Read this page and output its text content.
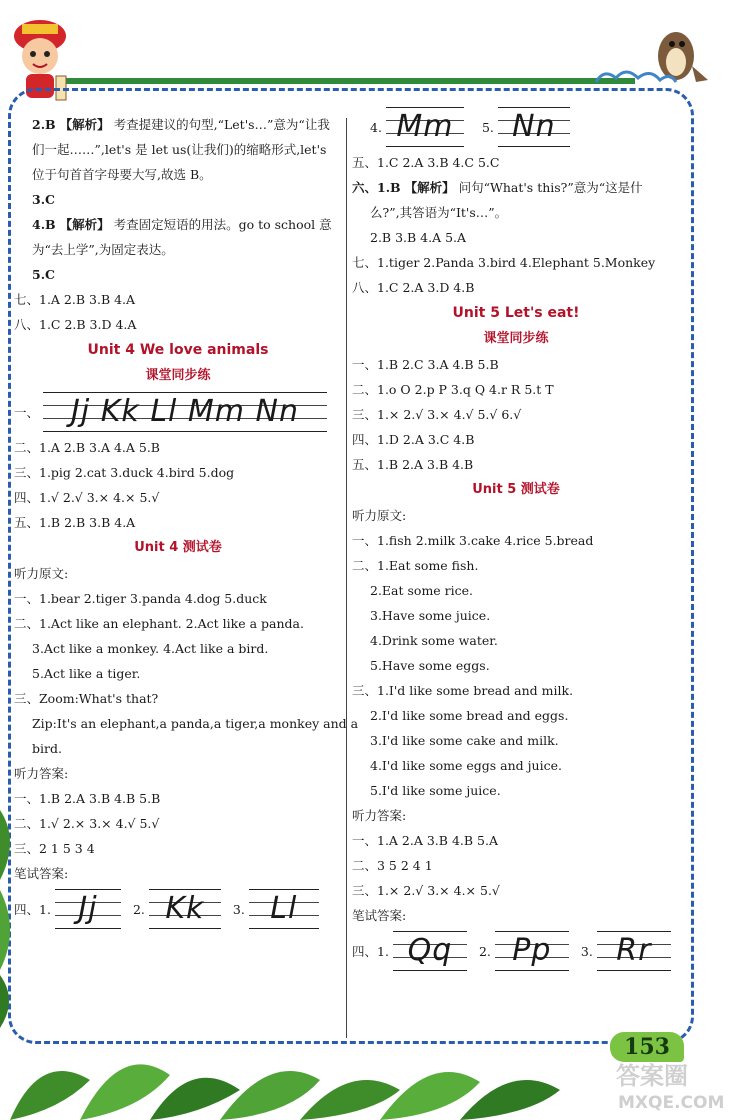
153
答案圈
MXQE.COM
2.B 【解析】 考查提建议的句型,“Let's…”意为“让我
们一起……”,let's 是 let us(让我们)的缩略形式,let's
位于句首首字母要大写,故选 B。
3.C
4.B 【解析】 考查固定短语的用法。go to school 意
为“去上学”,为固定表达。
5.C
七、1.A 2.B 3.B 4.A
八、1.C 2.B 3.D 4.A
Unit 4 We love animals
课堂同步练
一、	Jj Kk Ll Mm Nn
二、1.A 2.B 3.A 4.A 5.B
三、1.pig 2.cat 3.duck 4.bird 5.dog
四、1.√ 2.√ 3.× 4.× 5.√
五、1.B 2.B 3.B 4.A
Unit 4 测试卷
听力原文:
一、1.bear 2.tiger 3.panda 4.dog 5.duck
二、1.Act like an elephant. 2.Act like a panda.
3.Act like a monkey. 4.Act like a bird.
5.Act like a tiger.
三、Zoom:What's that?
Zip:It's an elephant,a panda,a tiger,a monkey and a
bird.
听力答案:
一、1.B 2.A 3.B 4.B 5.B
二、1.√ 2.× 3.× 4.√ 5.√
三、2 1 5 3 4
笔试答案:
四、1. Jj	2. Kk	3. Ll
4. Mm	5. Nn
五、1.C 2.A 3.B 4.C 5.C
六、1.B 【解析】 问句“What's this?”意为“这是什
么?”,其答语为“It's…”。
2.B 3.B 4.A 5.A
七、1.tiger 2.Panda 3.bird 4.Elephant 5.Monkey
八、1.C 2.A 3.D 4.B
Unit 5 Let's eat!
课堂同步练
一、1.B 2.C 3.A 4.B 5.B
二、1.o O 2.p P 3.q Q 4.r R 5.t T
三、1.× 2.√ 3.× 4.√ 5.√ 6.√
四、1.D 2.A 3.C 4.B
五、1.B 2.A 3.B 4.B
Unit 5 测试卷
听力原文:
一、1.fish 2.milk 3.cake 4.rice 5.bread
二、1.Eat some fish.
2.Eat some rice.
3.Have some juice.
4.Drink some water.
5.Have some eggs.
三、1.I'd like some bread and milk.
2.I'd like some bread and eggs.
3.I'd like some cake and milk.
4.I'd like some eggs and juice.
5.I'd like some juice.
听力答案:
一、1.A 2.A 3.B 4.B 5.A
二、3 5 2 4 1
三、1.× 2.√ 3.× 4.× 5.√
笔试答案:
四、1. Qq	2. Pp	3. Rr
